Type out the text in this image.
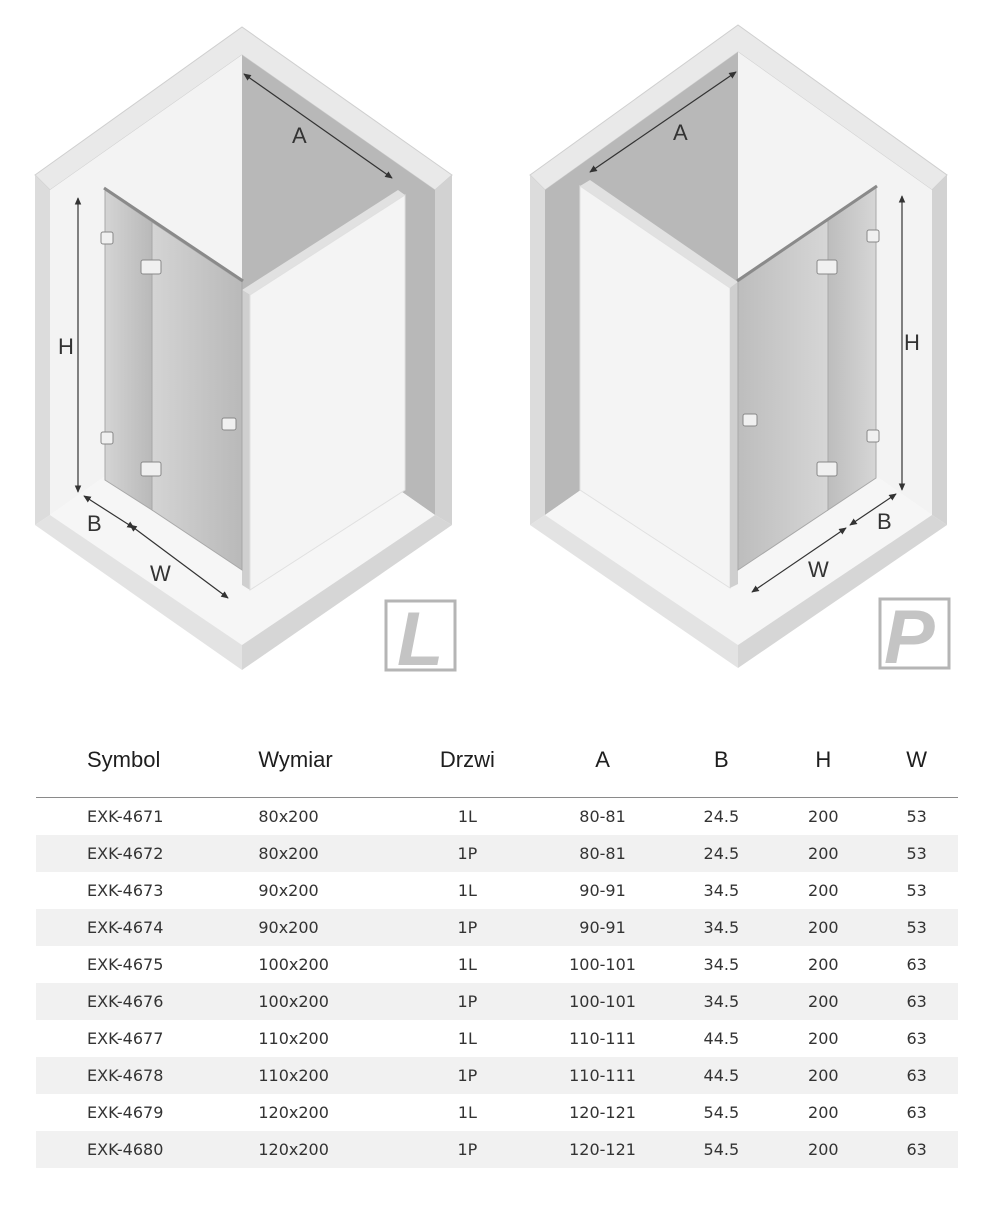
A
H
B
W
L
A
H
B
W
P
Symbol	Wymiar	Drzwi	A	B	H	W
EXK-4671	80x200	1L	80-81	24.5	200	53
EXK-4672	80x200	1P	80-81	24.5	200	53
EXK-4673	90x200	1L	90-91	34.5	200	53
EXK-4674	90x200	1P	90-91	34.5	200	53
EXK-4675	100x200	1L	100-101	34.5	200	63
EXK-4676	100x200	1P	100-101	34.5	200	63
EXK-4677	110x200	1L	110-111	44.5	200	63
EXK-4678	110x200	1P	110-111	44.5	200	63
EXK-4679	120x200	1L	120-121	54.5	200	63
EXK-4680	120x200	1P	120-121	54.5	200	63
